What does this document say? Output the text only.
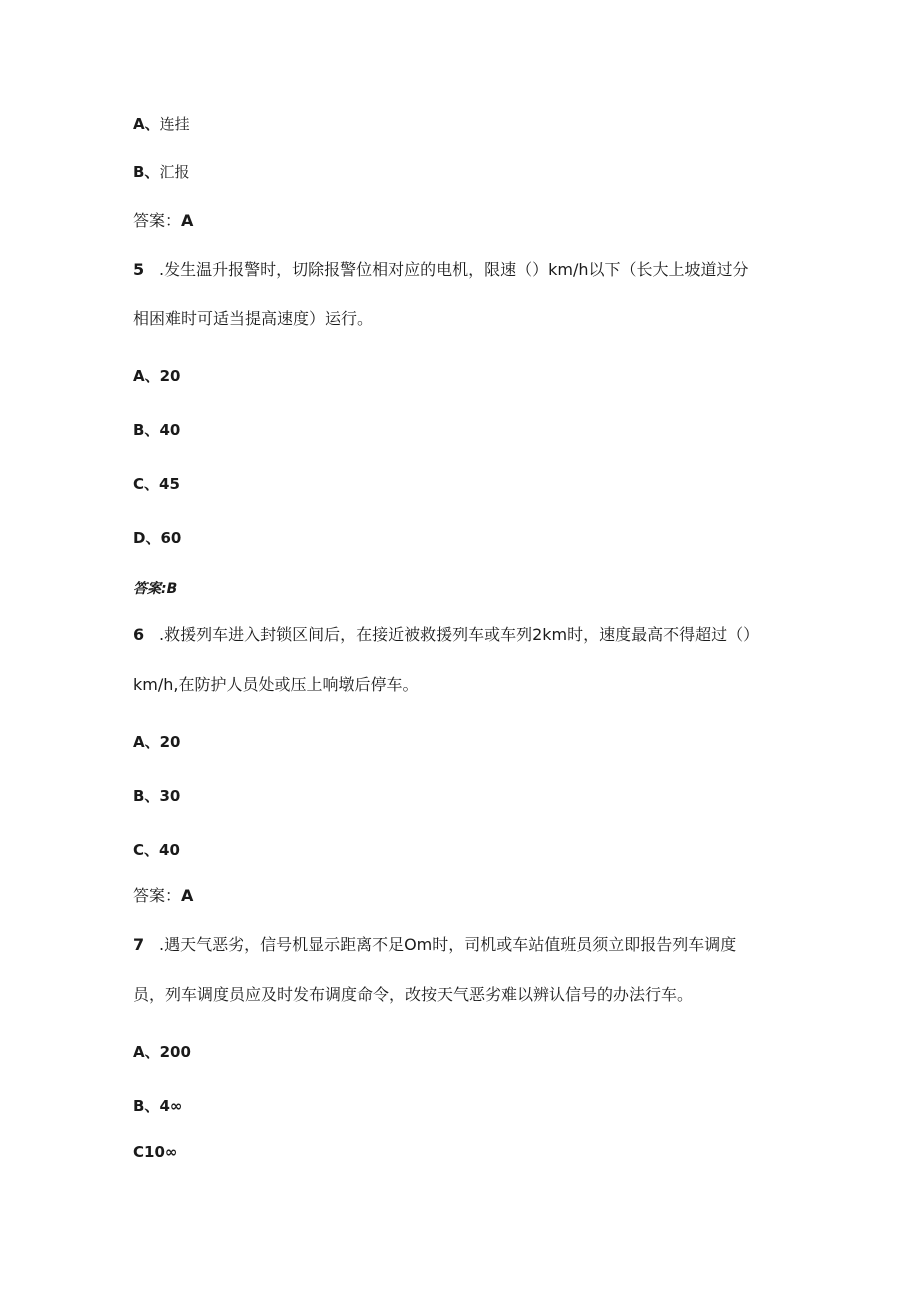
A、连挂
B、汇报
答案：A
5 .发生温升报警时，切除报警位相对应的电机，限速（）km/h以下（长大上坡道过分
相困难时可适当提高速度）运行。
A、20
B、40
C、45
D、60
答案:B
6 .救援列车进入封锁区间后，在接近被救援列车或车列2km时，速度最高不得超过（）
km/h,在防护人员处或压上响墩后停车。
A、20
B、30
C、40
答案：A
7 .遇天气恶劣，信号机显示距离不足Om时，司机或车站值班员须立即报告列车调度
员，列车调度员应及时发布调度命令，改按天气恶劣难以辨认信号的办法行车。
A、200
B、4∞
C10∞
